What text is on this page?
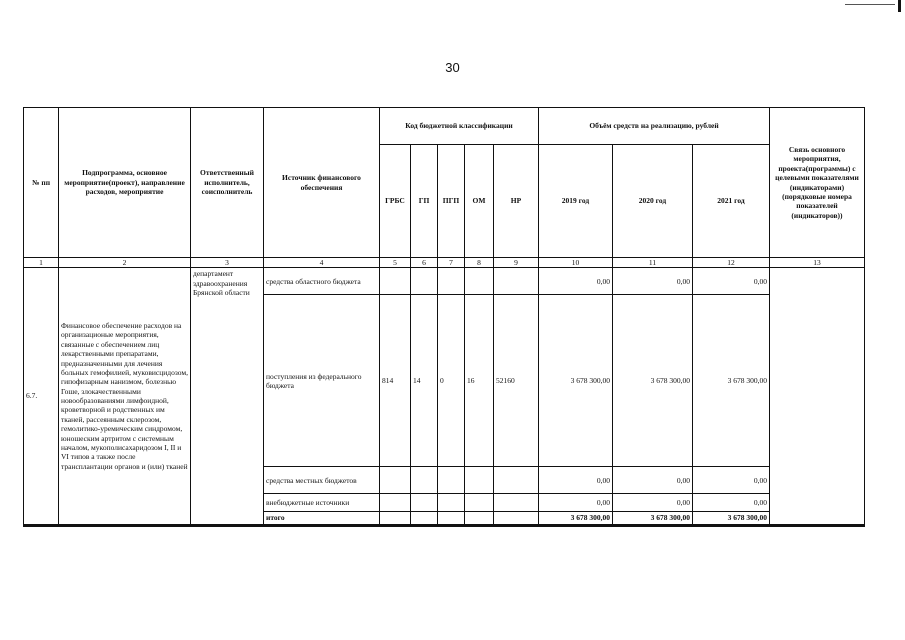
30
№ пп	Подпрограмма, основное мероприятие(проект), направление расходов, мероприятие	Ответственный исполнитель, соисполнитель	Источник финансового обеспечения	Код бюджетной классификации					Объём средств на реализацию, рублей			Связь основного мероприятия, проекта(программы) с целевыми показателями (индикаторами) (порядковые номера показателей (индикаторов))
				ГРБС	ГП	ПГП	ОМ	НР	2019 год	2020 год	2021 год	
1	2	3	4	5	6	7	8	9	10	11	12	13
6.7.	Финансовое обеспечение расходов на организационые мероприятия, связанные с обеспечением лиц лекарственными препаратами, предназначенными для лечения больных гемофилией, муковисцидозом, гипофизарным нанизмом, болезнью Гоше, злокачественными новообразованиями лимфоидной, кроветворной и родственных им тканей, рассеянным склерозом, гемолитико-уремическим синдромом, юношеским артритом с системным началом, мукополисахаридозом I, II и VI типов а также после трансплантации органов и (или) тканей	департамент здравоохранения Брянской области	средства областного бюджета						0,00	0,00	0,00	
			поступления из федерального бюджета	814	14	0	16	52160	3 678 300,00	3 678 300,00	3 678 300,00	
			средства местных бюджетов						0,00	0,00	0,00	
			внебюджетные источники						0,00	0,00	0,00	
			итого						3 678 300,00	3 678 300,00	3 678 300,00	
